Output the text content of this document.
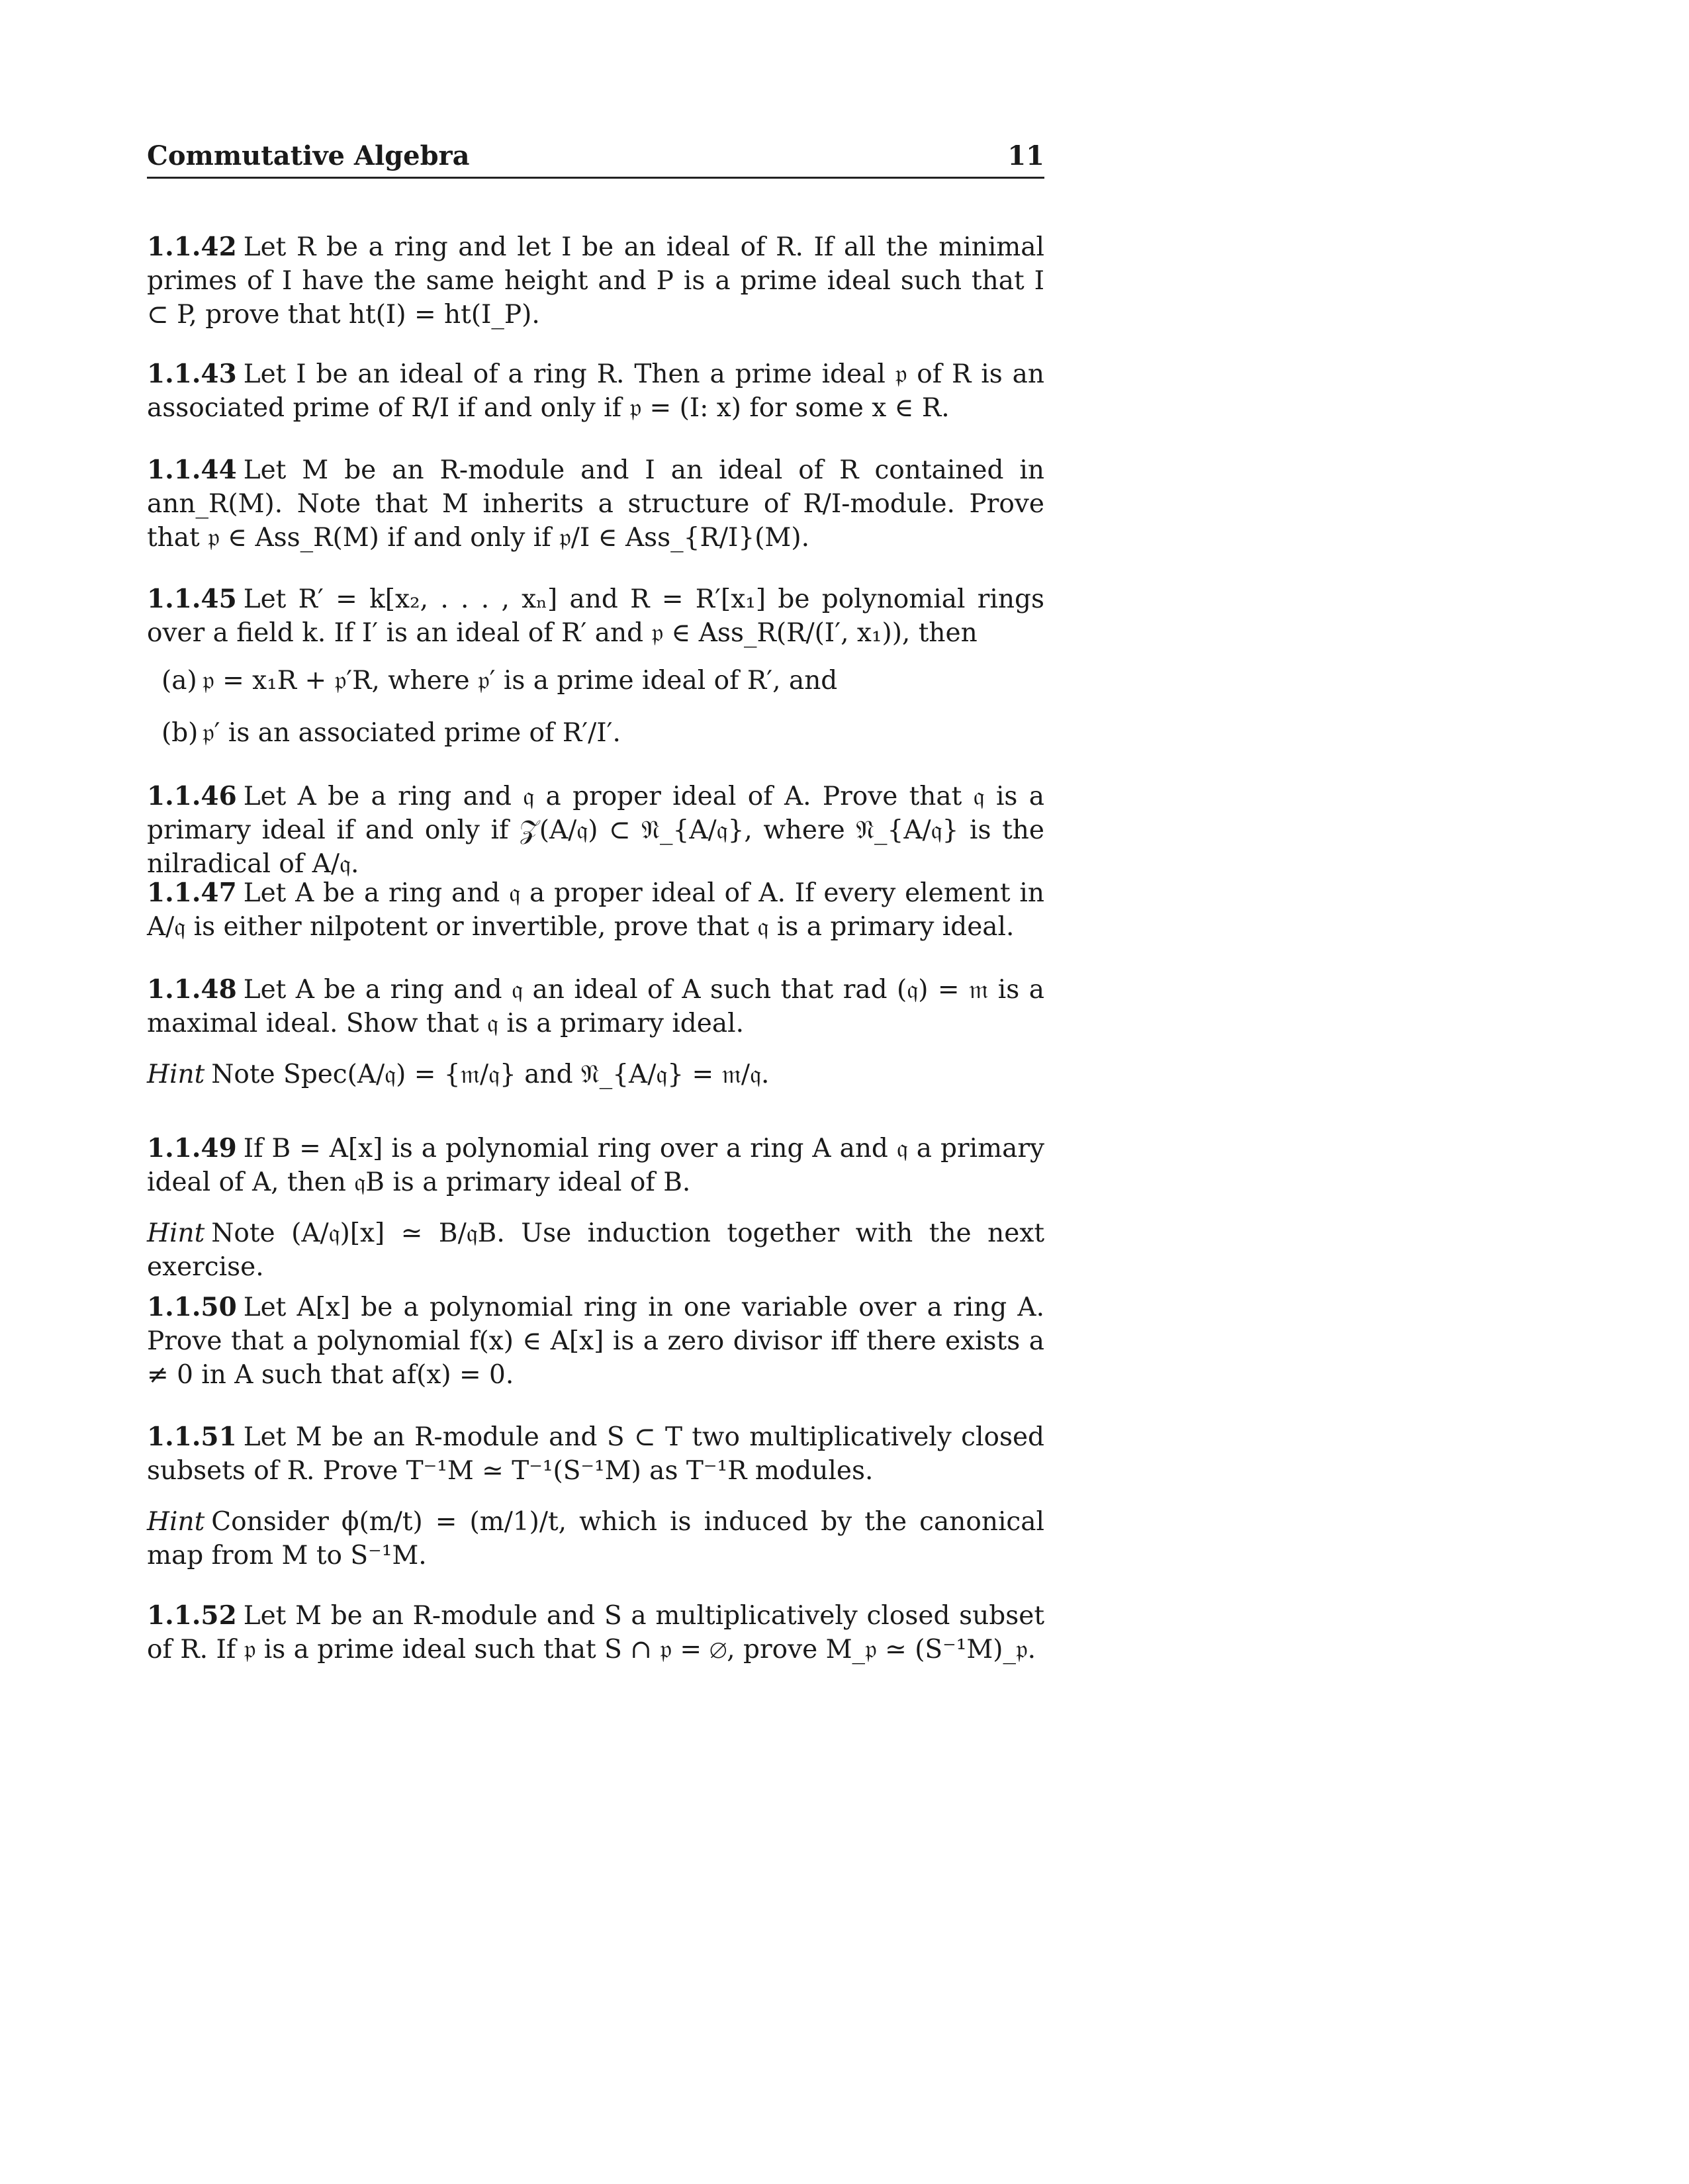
Commutative Algebra	11
1.1.42 Let R be a ring and let I be an ideal of R. If all the minimal primes of I have the same height and P is a prime ideal such that I ⊂ P, prove that ht(I) = ht(I_P).
1.1.43 Let I be an ideal of a ring R. Then a prime ideal 𝔭 of R is an associated prime of R/I if and only if 𝔭 = (I: x) for some x ∈ R.
1.1.44 Let M be an R-module and I an ideal of R contained in ann_R(M). Note that M inherits a structure of R/I-module. Prove that 𝔭 ∈ Ass_R(M) if and only if 𝔭/I ∈ Ass_{R/I}(M).
1.1.45 Let R′ = k[x₂, . . . , xₙ] and R = R′[x₁] be polynomial rings over a field k. If I′ is an ideal of R′ and 𝔭 ∈ Ass_R(R/(I′, x₁)), then
(a) 𝔭 = x₁R + 𝔭′R, where 𝔭′ is a prime ideal of R′, and
(b) 𝔭′ is an associated prime of R′/I′.
1.1.46 Let A be a ring and 𝔮 a proper ideal of A. Prove that 𝔮 is a primary ideal if and only if 𝒵(A/𝔮) ⊂ 𝔑_{A/𝔮}, where 𝔑_{A/𝔮} is the nilradical of A/𝔮.
1.1.47 Let A be a ring and 𝔮 a proper ideal of A. If every element in A/𝔮 is either nilpotent or invertible, prove that 𝔮 is a primary ideal.
1.1.48 Let A be a ring and 𝔮 an ideal of A such that rad (𝔮) = 𝔪 is a maximal ideal. Show that 𝔮 is a primary ideal.
Hint Note Spec(A/𝔮) = {𝔪/𝔮} and 𝔑_{A/𝔮} = 𝔪/𝔮.
1.1.49 If B = A[x] is a polynomial ring over a ring A and 𝔮 a primary ideal of A, then 𝔮B is a primary ideal of B.
Hint Note (A/𝔮)[x] ≃ B/𝔮B. Use induction together with the next exercise.
1.1.50 Let A[x] be a polynomial ring in one variable over a ring A. Prove that a polynomial f(x) ∈ A[x] is a zero divisor iff there exists a ≠ 0 in A such that af(x) = 0.
1.1.51 Let M be an R-module and S ⊂ T two multiplicatively closed subsets of R. Prove T⁻¹M ≃ T⁻¹(S⁻¹M) as T⁻¹R modules.
Hint Consider ϕ(m/t) = (m/1)/t, which is induced by the canonical map from M to S⁻¹M.
1.1.52 Let M be an R-module and S a multiplicatively closed subset of R. If 𝔭 is a prime ideal such that S ∩ 𝔭 = ∅, prove M_𝔭 ≃ (S⁻¹M)_𝔭.
